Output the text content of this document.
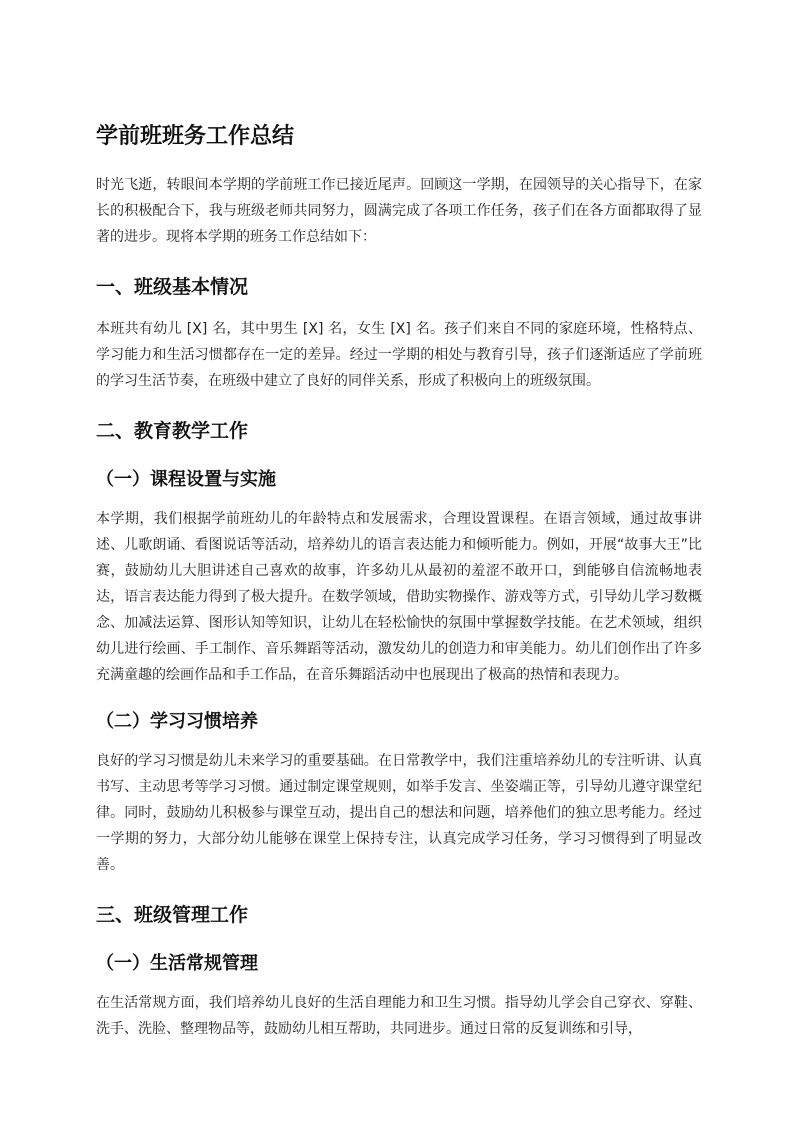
学前班班务工作总结

时光飞逝，转眼间本学期的学前班工作已接近尾声。回顾这一学期，在园领导的关心指导下，在家长的积极配合下，我与班级老师共同努力，圆满完成了各项工作任务，孩子们在各方面都取得了显著的进步。现将本学期的班务工作总结如下：

一、班级基本情况

本班共有幼儿 [X] 名，其中男生 [X] 名，女生 [X] 名。孩子们来自不同的家庭环境，性格特点、学习能力和生活习惯都存在一定的差异。经过一学期的相处与教育引导，孩子们逐渐适应了学前班的学习生活节奏，在班级中建立了良好的同伴关系，形成了积极向上的班级氛围。

二、教育教学工作
（一）课程设置与实施

本学期，我们根据学前班幼儿的年龄特点和发展需求，合理设置课程。在语言领域，通过故事讲述、儿歌朗诵、看图说话等活动，培养幼儿的语言表达能力和倾听能力。例如，开展“故事大王”比赛，鼓励幼儿大胆讲述自己喜欢的故事，许多幼儿从最初的羞涩不敢开口，到能够自信流畅地表达，语言表达能力得到了极大提升。在数学领域，借助实物操作、游戏等方式，引导幼儿学习数概念、加减法运算、图形认知等知识，让幼儿在轻松愉快的氛围中掌握数学技能。在艺术领域，组织幼儿进行绘画、手工制作、音乐舞蹈等活动，激发幼儿的创造力和审美能力。幼儿们创作出了许多充满童趣的绘画作品和手工作品，在音乐舞蹈活动中也展现出了极高的热情和表现力。

（二）学习习惯培养

良好的学习习惯是幼儿未来学习的重要基础。在日常教学中，我们注重培养幼儿的专注听讲、认真书写、主动思考等学习习惯。通过制定课堂规则，如举手发言、坐姿端正等，引导幼儿遵守课堂纪律。同时，鼓励幼儿积极参与课堂互动，提出自己的想法和问题，培养他们的独立思考能力。经过一学期的努力，大部分幼儿能够在课堂上保持专注，认真完成学习任务，学习习惯得到了明显改善。

三、班级管理工作
（一）生活常规管理

在生活常规方面，我们培养幼儿良好的生活自理能力和卫生习惯。指导幼儿学会自己穿衣、穿鞋、洗手、洗脸、整理物品等，鼓励幼儿相互帮助，共同进步。通过日常的反复训练和引导，
